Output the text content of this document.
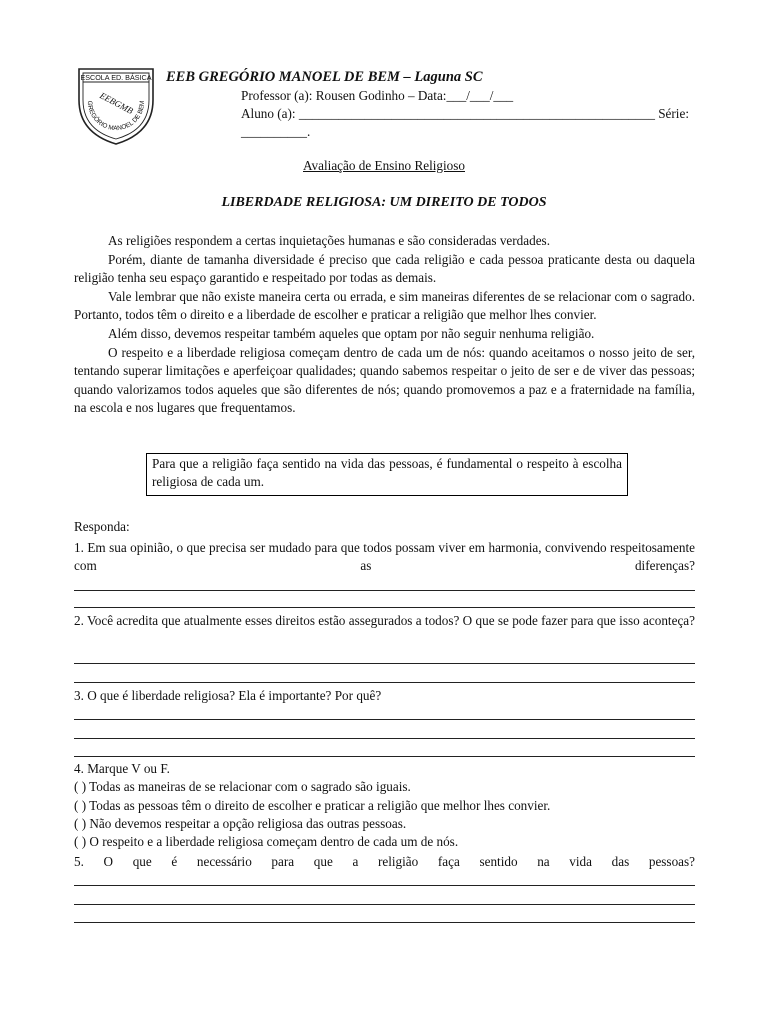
ESCOLA ED. BÁSICA
EEBGMB
GREGÓRIO MANOEL DE BEM
EEB GREGÓRIO MANOEL DE BEM – Laguna SC
Professor (a): Rousen Godinho – Data:___/___/___
Aluno (a): ______________________________________________________ Série:
__________.
Avaliação de Ensino Religioso
LIBERDADE RELIGIOSA: UM DIREITO DE TODOS

As religiões respondem a certas inquietações humanas e são consideradas verdades.

Porém, diante de tamanha diversidade é preciso que cada religião e cada pessoa praticante desta ou daquela religião tenha seu espaço garantido e respeitado por todas as demais.

Vale lembrar que não existe maneira certa ou errada, e sim maneiras diferentes de se relacionar com o sagrado. Portanto, todos têm o direito e a liberdade de escolher e praticar a religião que melhor lhes convier.

Além disso, devemos respeitar também aqueles que optam por não seguir nenhuma religião.

O respeito e a liberdade religiosa começam dentro de cada um de nós: quando aceitamos o nosso jeito de ser, tentando superar limitações e aperfeiçoar qualidades; quando sabemos respeitar o jeito de ser e de viver das pessoas; quando valorizamos todos aqueles que são diferentes de nós; quando promovemos a paz e a fraternidade na família, na escola e nos lugares que frequentamos.

Para que a religião faça sentido na vida das pessoas, é fundamental o respeito à escolha religiosa de cada um.
Responda:
1. Em sua opinião, o que precisa ser mudado para que todos possam viver em harmonia, convivendo respeitosamente com as diferenças?
2. Você acredita que atualmente esses direitos estão assegurados a todos? O que se pode fazer para que isso aconteça?
3. O que é liberdade religiosa? Ela é importante? Por quê?
4. Marque V ou F.
( ) Todas as maneiras de se relacionar com o sagrado são iguais.
( ) Todas as pessoas têm o direito de escolher e praticar a religião que melhor lhes convier.
( ) Não devemos respeitar a opção religiosa das outras pessoas.
( ) O respeito e a liberdade religiosa começam dentro de cada um de nós.
5. O que é necessário para que a religião faça sentido na vida das pessoas?
